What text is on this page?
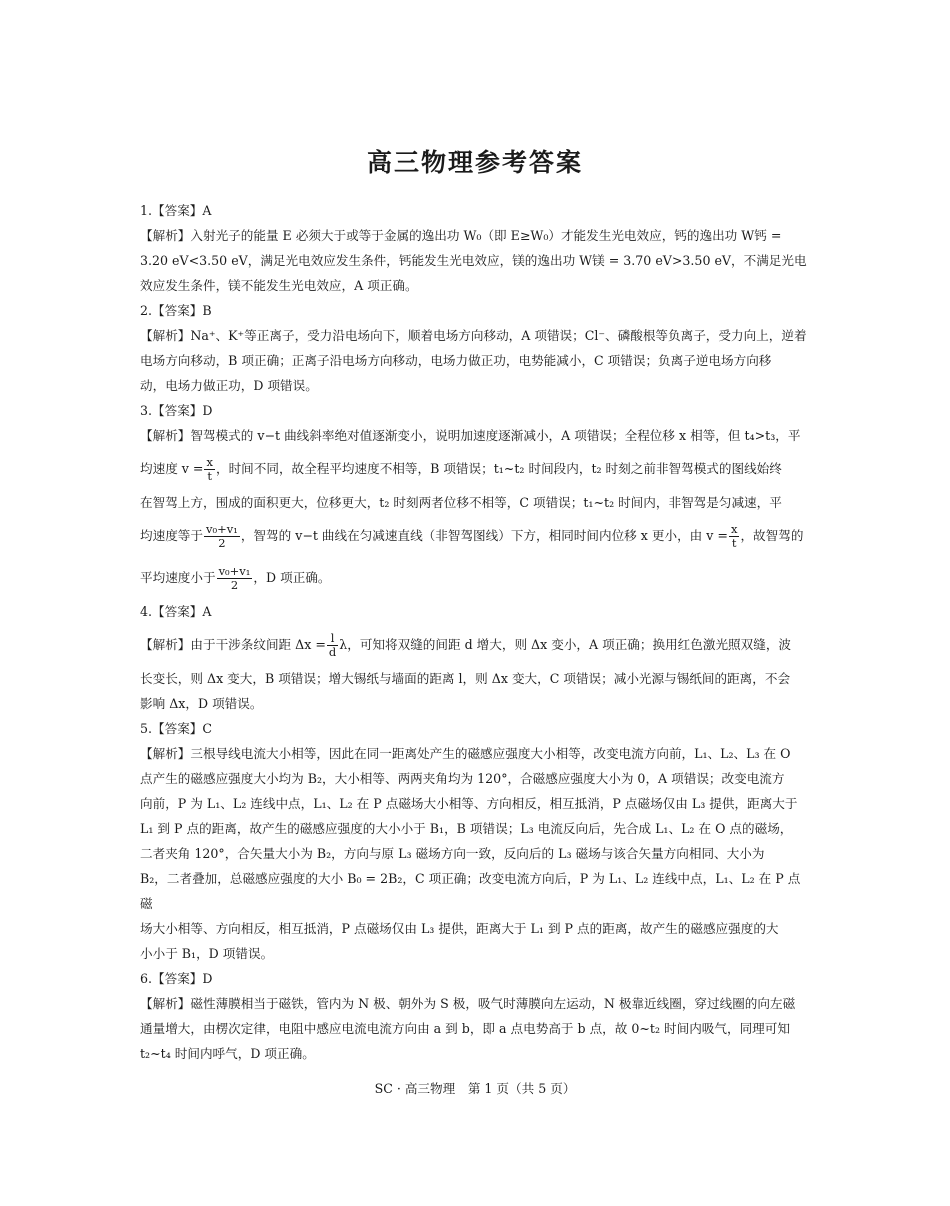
高三物理参考答案

1.【答案】A

【解析】入射光子的能量 E 必须大于或等于金属的逸出功 W₀（即 E≥W₀）才能发生光电效应，钙的逸出功 W钙 =

3.20 eV<3.50 eV，满足光电效应发生条件，钙能发生光电效应，镁的逸出功 W镁 = 3.70 eV>3.50 eV，不满足光电

效应发生条件，镁不能发生光电效应，A 项正确。

2.【答案】B

【解析】Na⁺、K⁺等正离子，受力沿电场向下，顺着电场方向移动，A 项错误；Cl⁻、磷酸根等负离子，受力向上，逆着

电场方向移动，B 项正确；正离子沿电场方向移动，电场力做正功，电势能减小，C 项错误；负离子逆电场方向移

动，电场力做正功，D 项错误。

3.【答案】D

【解析】智驾模式的 v−t 曲线斜率绝对值逐渐变小，说明加速度逐渐减小，A 项错误；全程位移 x 相等，但 t₄>t₃，平

均速度 $v = \frac{x}{t}$ ，时间不同，故全程平均速度不相等，B 项错误；t₁~t₂ 时间段内，t₂ 时刻之前非智驾模式的图线始终

在智驾上方，围成的面积更大，位移更大，t₂ 时刻两者位移不相等，C 项错误；t₁~t₂ 时间内，非智驾是匀减速，平

均速度等于 $\frac{\text{v₀+v₁}}{2}$ ，智驾的 v−t 曲线在匀减速直线（非智驾图线）下方，相同时间内位移 x 更小，由 $v = \frac{x}{t}$ ，故智驾的

平均速度小于 $\frac{\text{v₀+v₁}}{2}$ ，D 项正确。

4.【答案】A

【解析】由于干涉条纹间距 $\Delta x = \frac{l}{d}$ λ，可知将双缝的间距 d 增大，则 Δx 变小，A 项正确；换用红色激光照双缝，波

长变长，则 Δx 变大，B 项错误；增大锡纸与墙面的距离 l，则 Δx 变大，C 项错误；减小光源与锡纸间的距离，不会

影响 Δx，D 项错误。

5.【答案】C

【解析】三根导线电流大小相等，因此在同一距离处产生的磁感应强度大小相等，改变电流方向前，L₁、L₂、L₃ 在 O

点产生的磁感应强度大小均为 B₂，大小相等、两两夹角均为 120°，合磁感应强度大小为 0，A 项错误；改变电流方

向前，P 为 L₁、L₂ 连线中点，L₁、L₂ 在 P 点磁场大小相等、方向相反，相互抵消，P 点磁场仅由 L₃ 提供，距离大于

L₁ 到 P 点的距离，故产生的磁感应强度的大小小于 B₁，B 项错误；L₃ 电流反向后，先合成 L₁、L₂ 在 O 点的磁场，

二者夹角 120°，合矢量大小为 B₂，方向与原 L₃ 磁场方向一致，反向后的 L₃ 磁场与该合矢量方向相同、大小为

B₂，二者叠加，总磁感应强度的大小 B₀ = 2B₂，C 项正确；改变电流方向后，P 为 L₁、L₂ 连线中点，L₁、L₂ 在 P 点磁

场大小相等、方向相反，相互抵消，P 点磁场仅由 L₃ 提供，距离大于 L₁ 到 P 点的距离，故产生的磁感应强度的大

小小于 B₁，D 项错误。

6.【答案】D

【解析】磁性薄膜相当于磁铁，管内为 N 极、朝外为 S 极，吸气时薄膜向左运动，N 极靠近线圈，穿过线圈的向左磁

通量增大，由楞次定律，电阻中感应电流电流方向由 a 到 b，即 a 点电势高于 b 点，故 0~t₂ 时间内吸气，同理可知

t₂~t₄ 时间内呼气，D 项正确。

SC · 高三物理　第 1 页（共 5 页）
